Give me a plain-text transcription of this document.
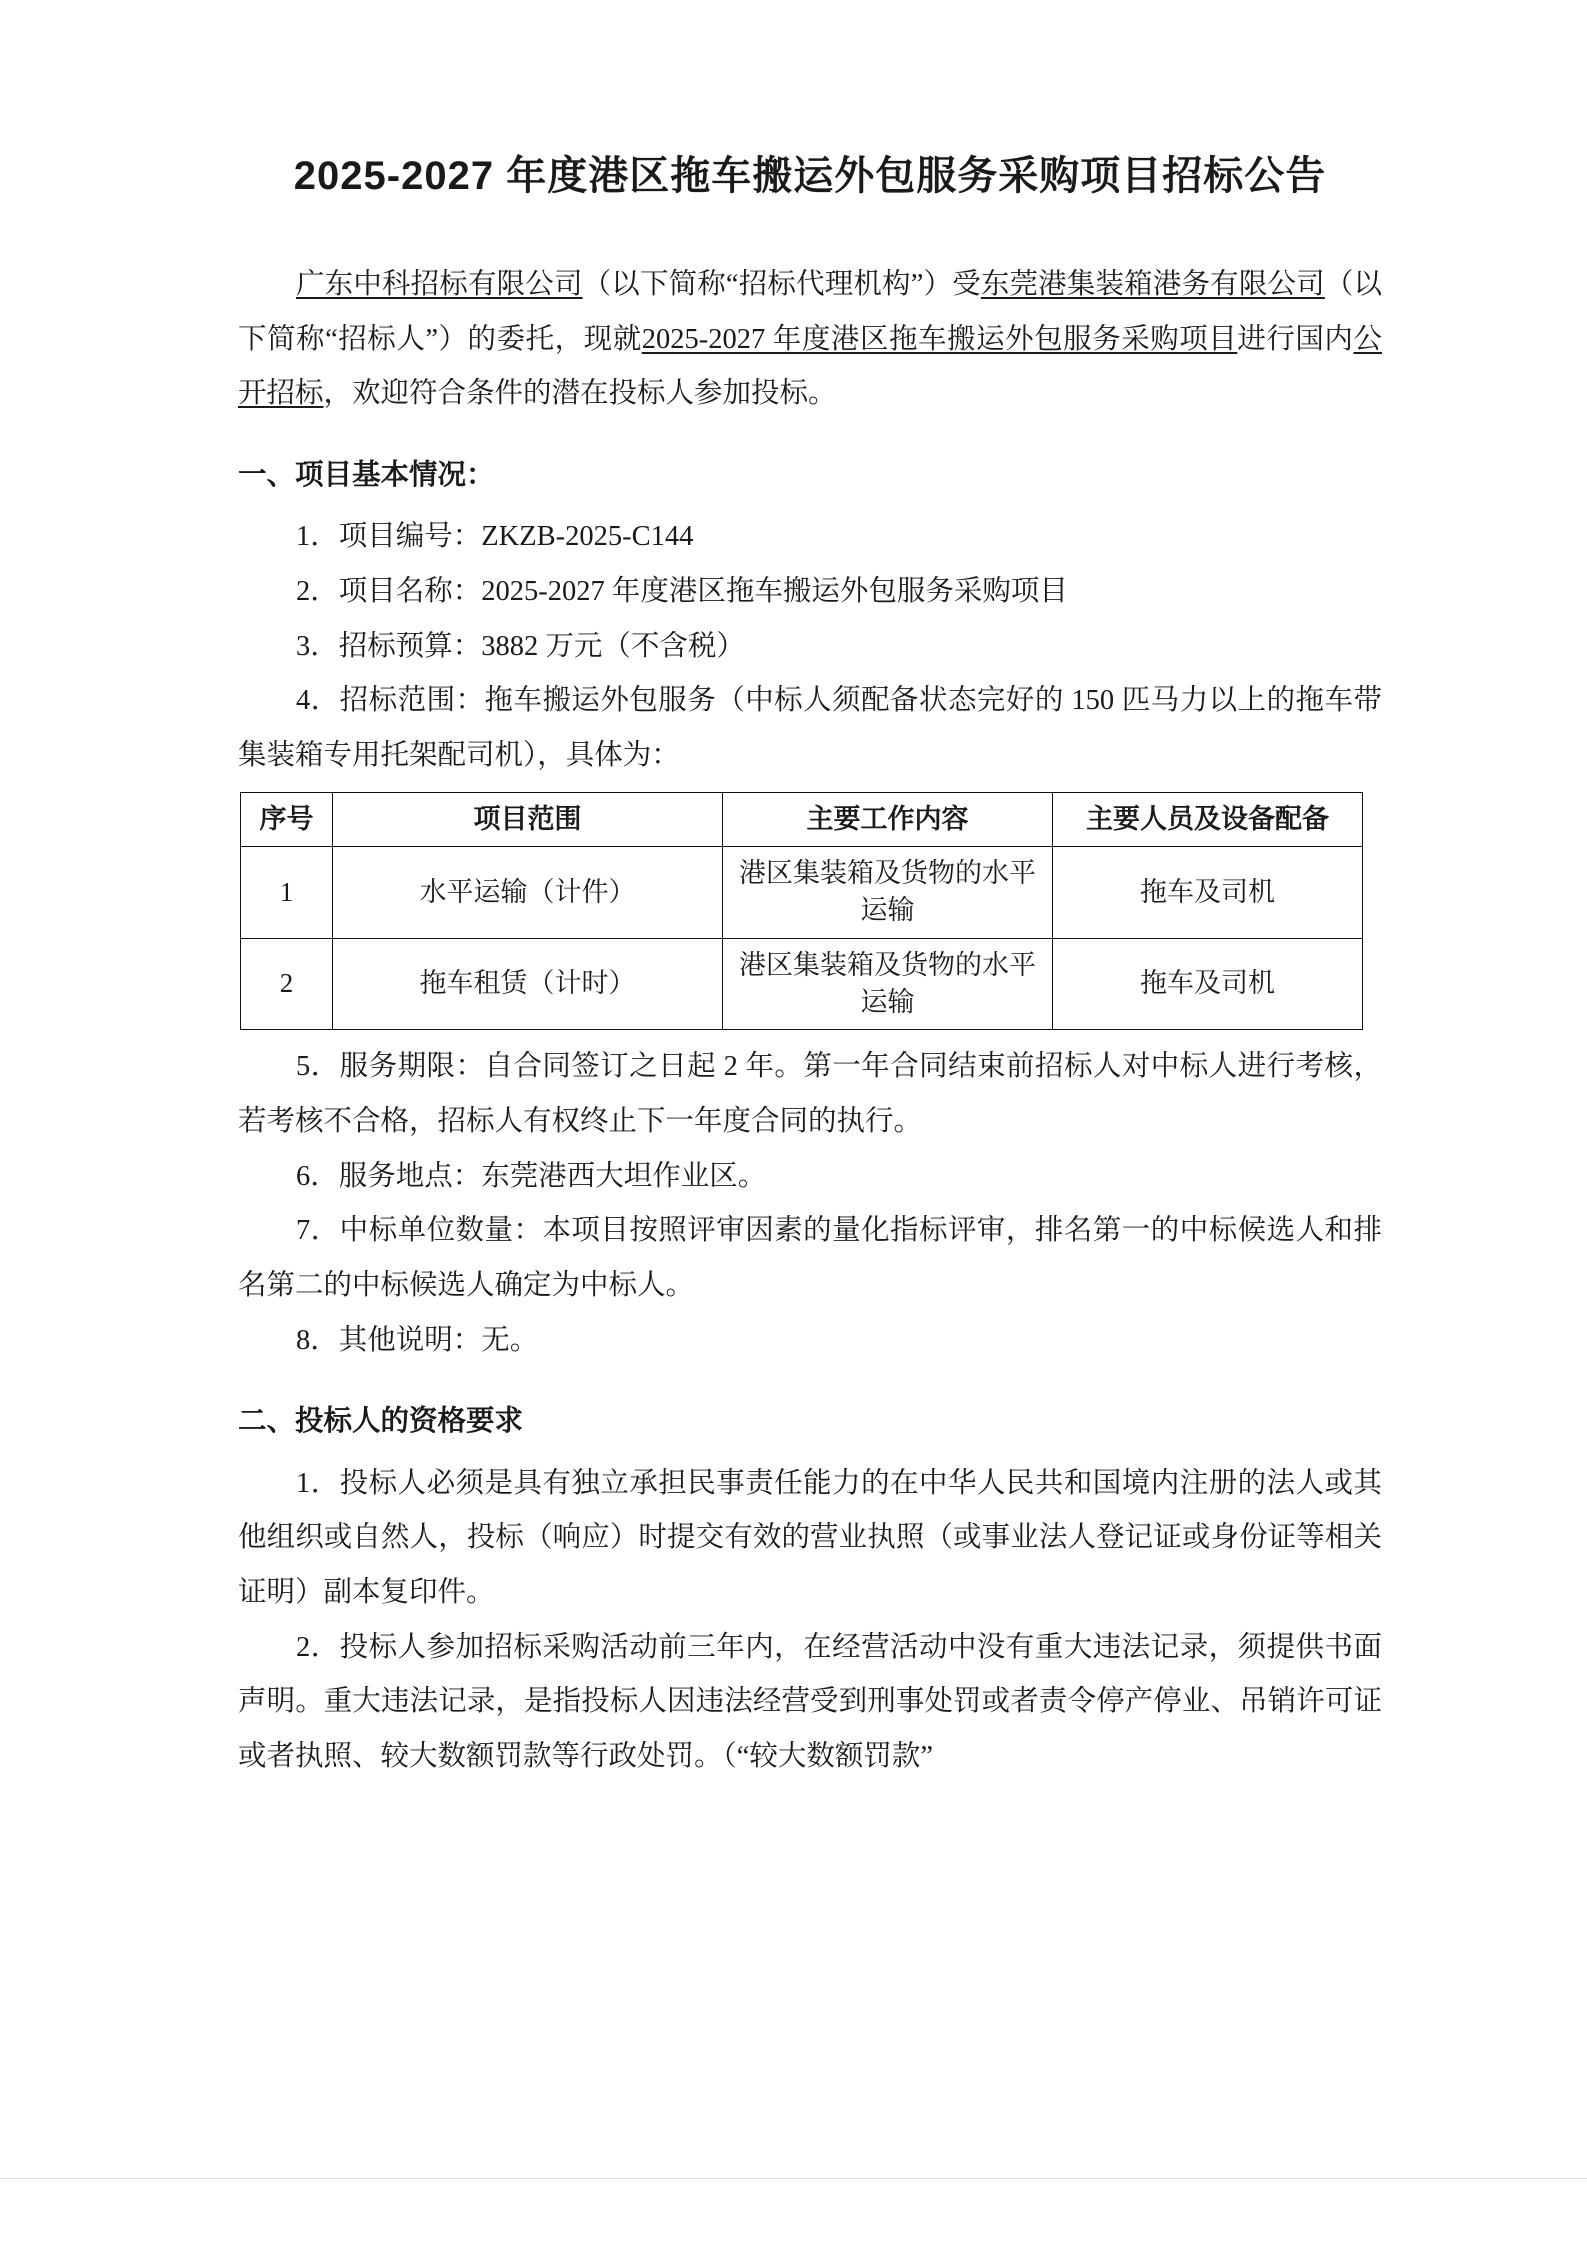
2025-2027 年度港区拖车搬运外包服务采购项目招标公告

广东中科招标有限公司（以下简称“招标代理机构”）受东莞港集装箱港务有限公司（以下简称“招标人”）的委托，现就2025-2027 年度港区拖车搬运外包服务采购项目进行国内公开招标，欢迎符合条件的潜在投标人参加投标。

一、项目基本情况：

1．项目编号：ZKZB-2025-C144

2．项目名称：2025-2027 年度港区拖车搬运外包服务采购项目

3．招标预算：3882 万元（不含税）

4．招标范围：拖车搬运外包服务（中标人须配备状态完好的 150 匹马力以上的拖车带集装箱专用托架配司机），具体为：

序号	项目范围	主要工作内容	主要人员及设备配备
1	水平运输（计件）	港区集装箱及货物的水平运输	拖车及司机
2	拖车租赁（计时）	港区集装箱及货物的水平运输	拖车及司机

5．服务期限：自合同签订之日起 2 年。第一年合同结束前招标人对中标人进行考核，若考核不合格，招标人有权终止下一年度合同的执行。

6．服务地点：东莞港西大坦作业区。

7．中标单位数量：本项目按照评审因素的量化指标评审，排名第一的中标候选人和排名第二的中标候选人确定为中标人。

8．其他说明：无。

二、投标人的资格要求

1．投标人必须是具有独立承担民事责任能力的在中华人民共和国境内注册的法人或其他组织或自然人，投标（响应）时提交有效的营业执照（或事业法人登记证或身份证等相关证明）副本复印件。

2．投标人参加招标采购活动前三年内，在经营活动中没有重大违法记录，须提供书面声明。重大违法记录，是指投标人因违法经营受到刑事处罚或者责令停产停业、吊销许可证或者执照、较大数额罚款等行政处罚。（“较大数额罚款”
